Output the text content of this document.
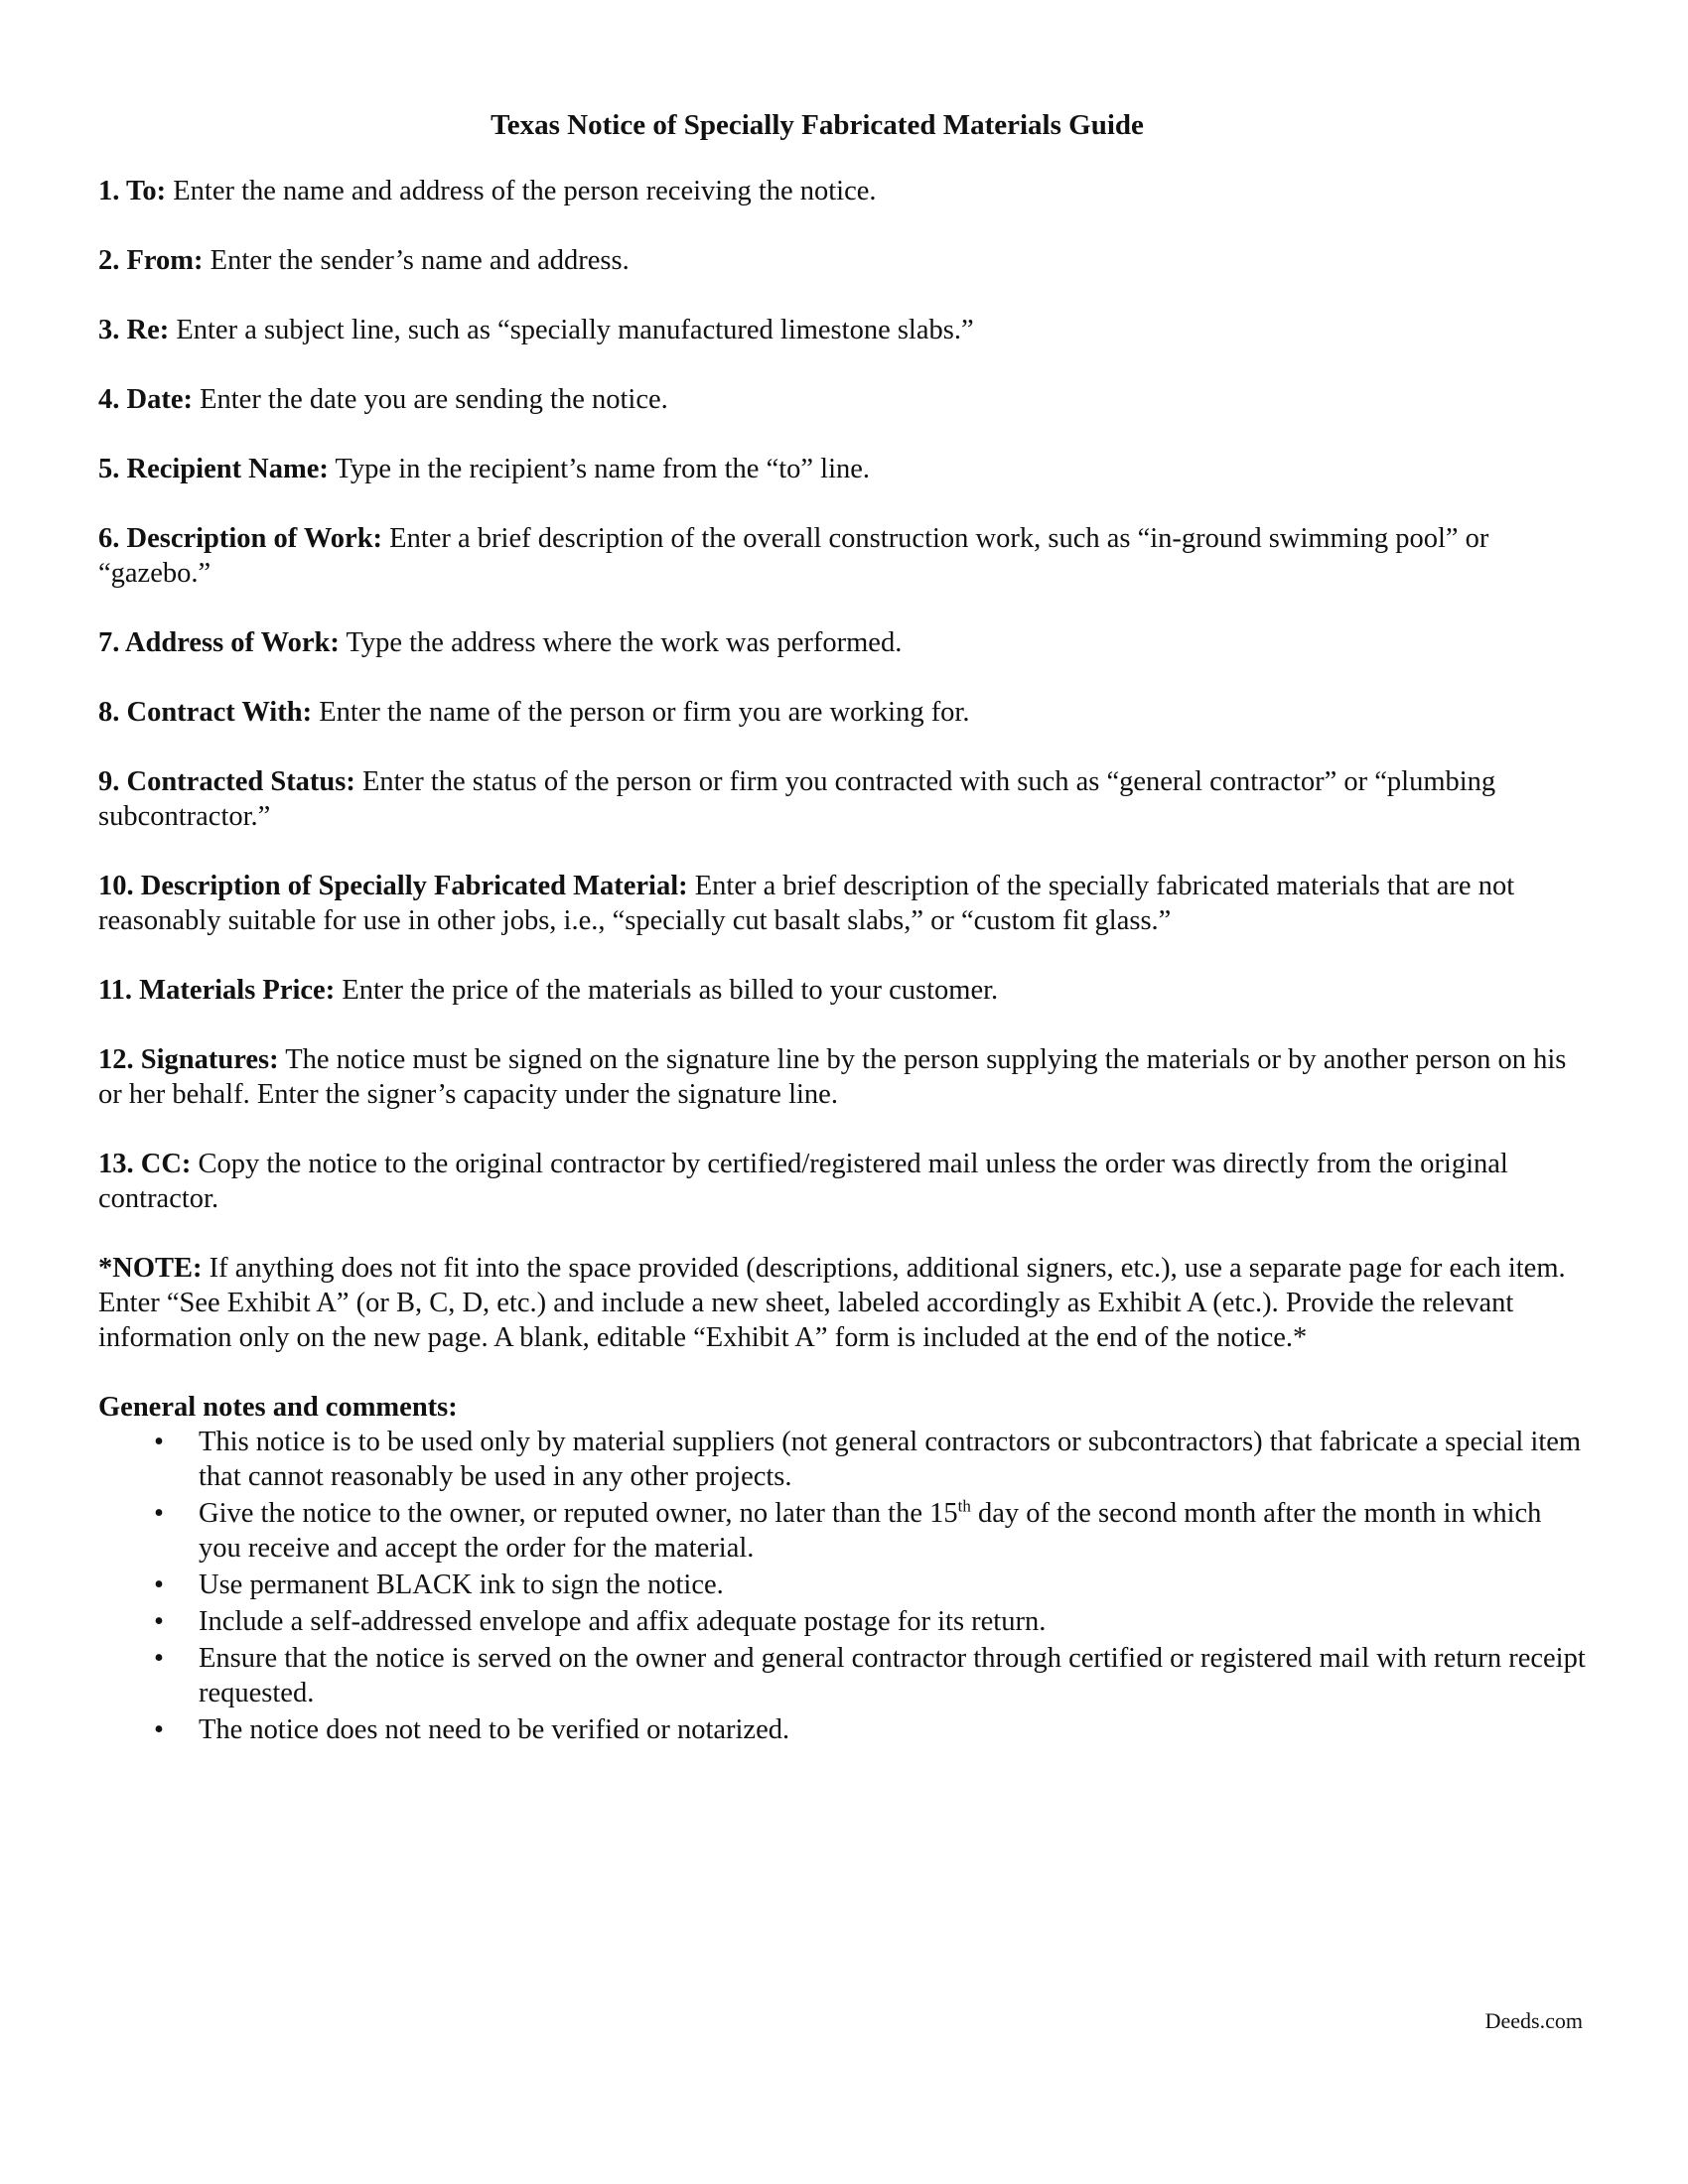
Texas Notice of Specially Fabricated Materials Guide
1. To: Enter the name and address of the person receiving the notice.
2. From: Enter the sender’s name and address.
3. Re: Enter a subject line, such as “specially manufactured limestone slabs.”
4. Date: Enter the date you are sending the notice.
5. Recipient Name: Type in the recipient’s name from the “to” line.
6. Description of Work: Enter a brief description of the overall construction work, such as “in-ground swimming pool” or “gazebo.”
7. Address of Work: Type the address where the work was performed.
8. Contract With: Enter the name of the person or firm you are working for.
9. Contracted Status: Enter the status of the person or firm you contracted with such as “general contractor” or “plumbing subcontractor.”
10. Description of Specially Fabricated Material: Enter a brief description of the specially fabricated materials that are not reasonably suitable for use in other jobs, i.e., “specially cut basalt slabs,” or “custom fit glass.”
11. Materials Price: Enter the price of the materials as billed to your customer.
12. Signatures: The notice must be signed on the signature line by the person supplying the materials or by another person on his or her behalf. Enter the signer’s capacity under the signature line.
13. CC: Copy the notice to the original contractor by certified/registered mail unless the order was directly from the original contractor.
*NOTE: If anything does not fit into the space provided (descriptions, additional signers, etc.), use a separate page for each item. Enter “See Exhibit A” (or B, C, D, etc.) and include a new sheet, labeled accordingly as Exhibit A (etc.). Provide the relevant information only on the new page. A blank, editable “Exhibit A” form is included at the end of the notice.*
General notes and comments:
• This notice is to be used only by material suppliers (not general contractors or subcontractors) that fabricate a special item that cannot reasonably be used in any other projects.
• Give the notice to the owner, or reputed owner, no later than the 15th day of the second month after the month in which you receive and accept the order for the material.
• Use permanent BLACK ink to sign the notice.
• Include a self-addressed envelope and affix adequate postage for its return.
• Ensure that the notice is served on the owner and general contractor through certified or registered mail with return receipt requested.
• The notice does not need to be verified or notarized.
Deeds.com
